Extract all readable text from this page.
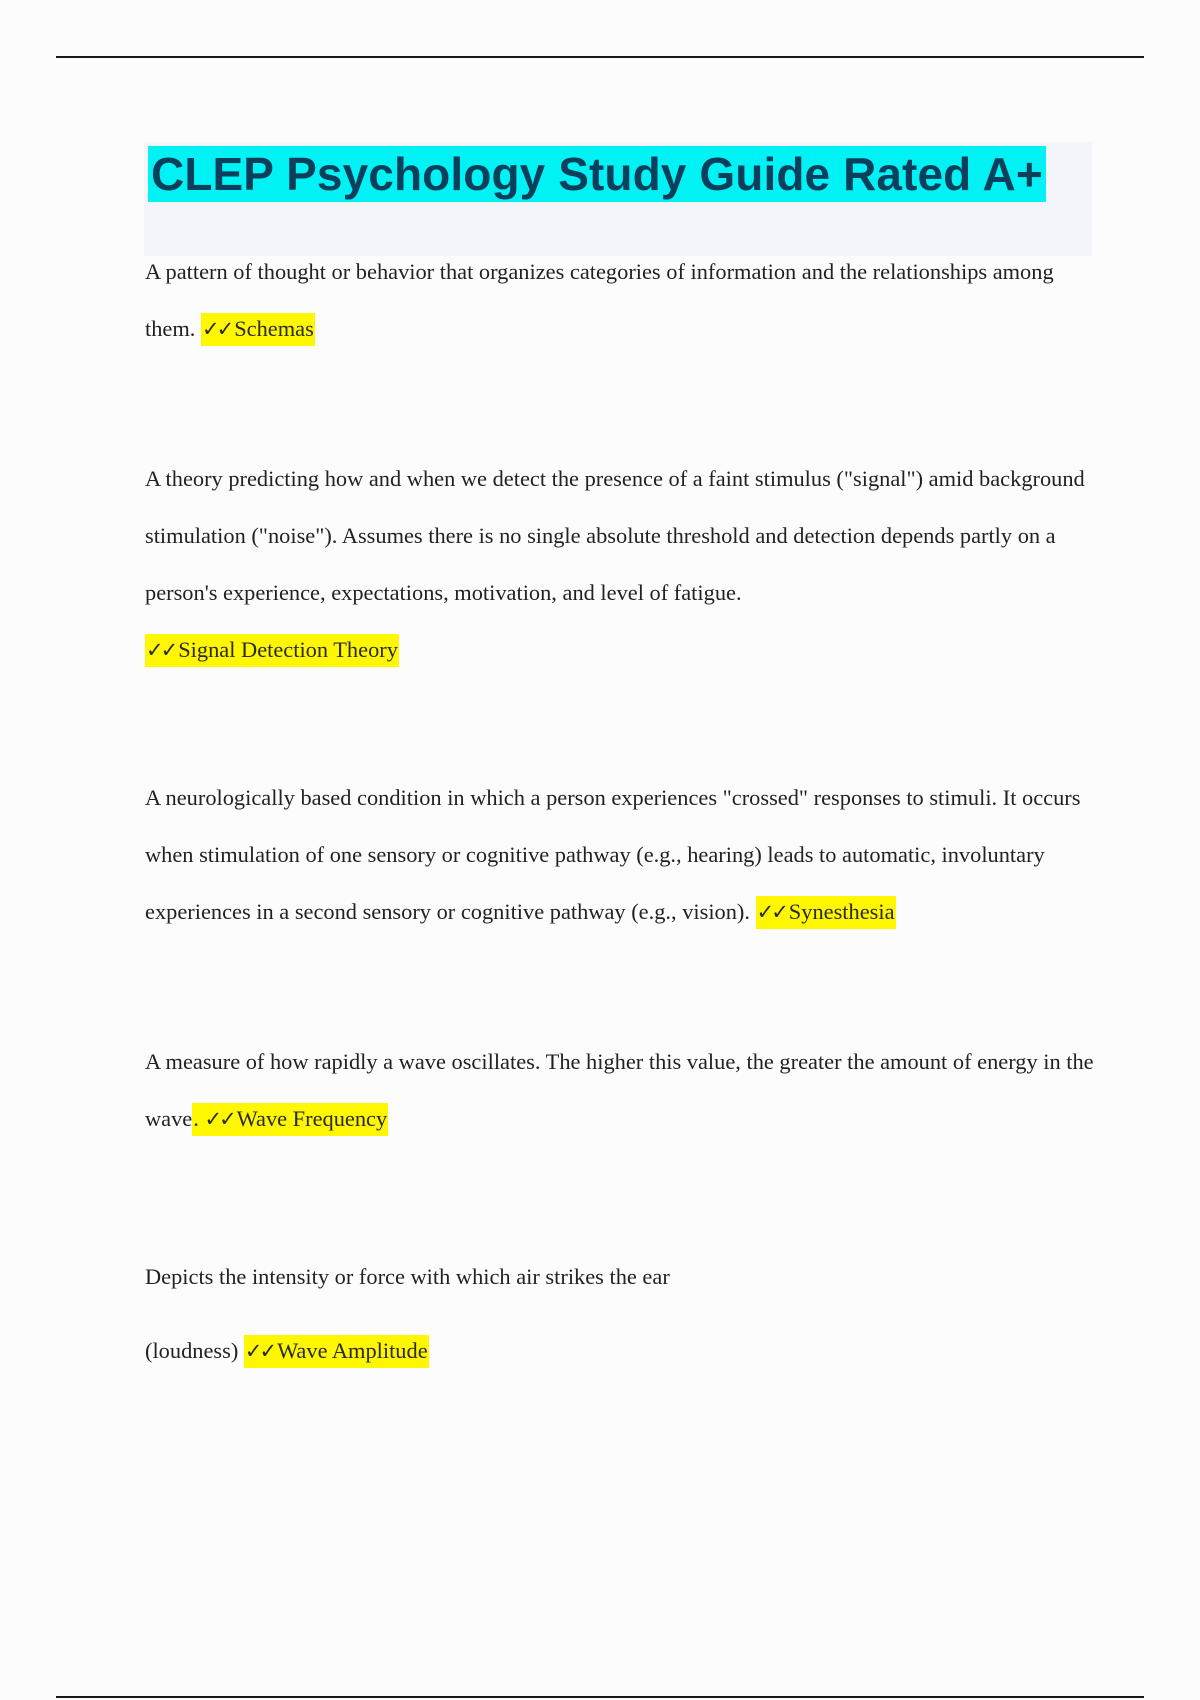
CLEP Psychology Study Guide Rated A+
A pattern of thought or behavior that organizes categories of information and the relationships among them. ✓✓ Schemas
A theory predicting how and when we detect the presence of a faint stimulus ("signal") amid background stimulation ("noise"). Assumes there is no single absolute threshold and detection depends partly on a person's experience, expectations, motivation, and level of fatigue.
✓✓ Signal Detection Theory
A neurologically based condition in which a person experiences "crossed" responses to stimuli. It occurs when stimulation of one sensory or cognitive pathway (e.g., hearing) leads to automatic, involuntary experiences in a second sensory or cognitive pathway (e.g., vision). ✓✓ Synesthesia
A measure of how rapidly a wave oscillates. The higher this value, the greater the amount of energy in the wave. ✓✓ Wave Frequency
Depicts the intensity or force with which air strikes the ear
(loudness) ✓✓ Wave Amplitude
